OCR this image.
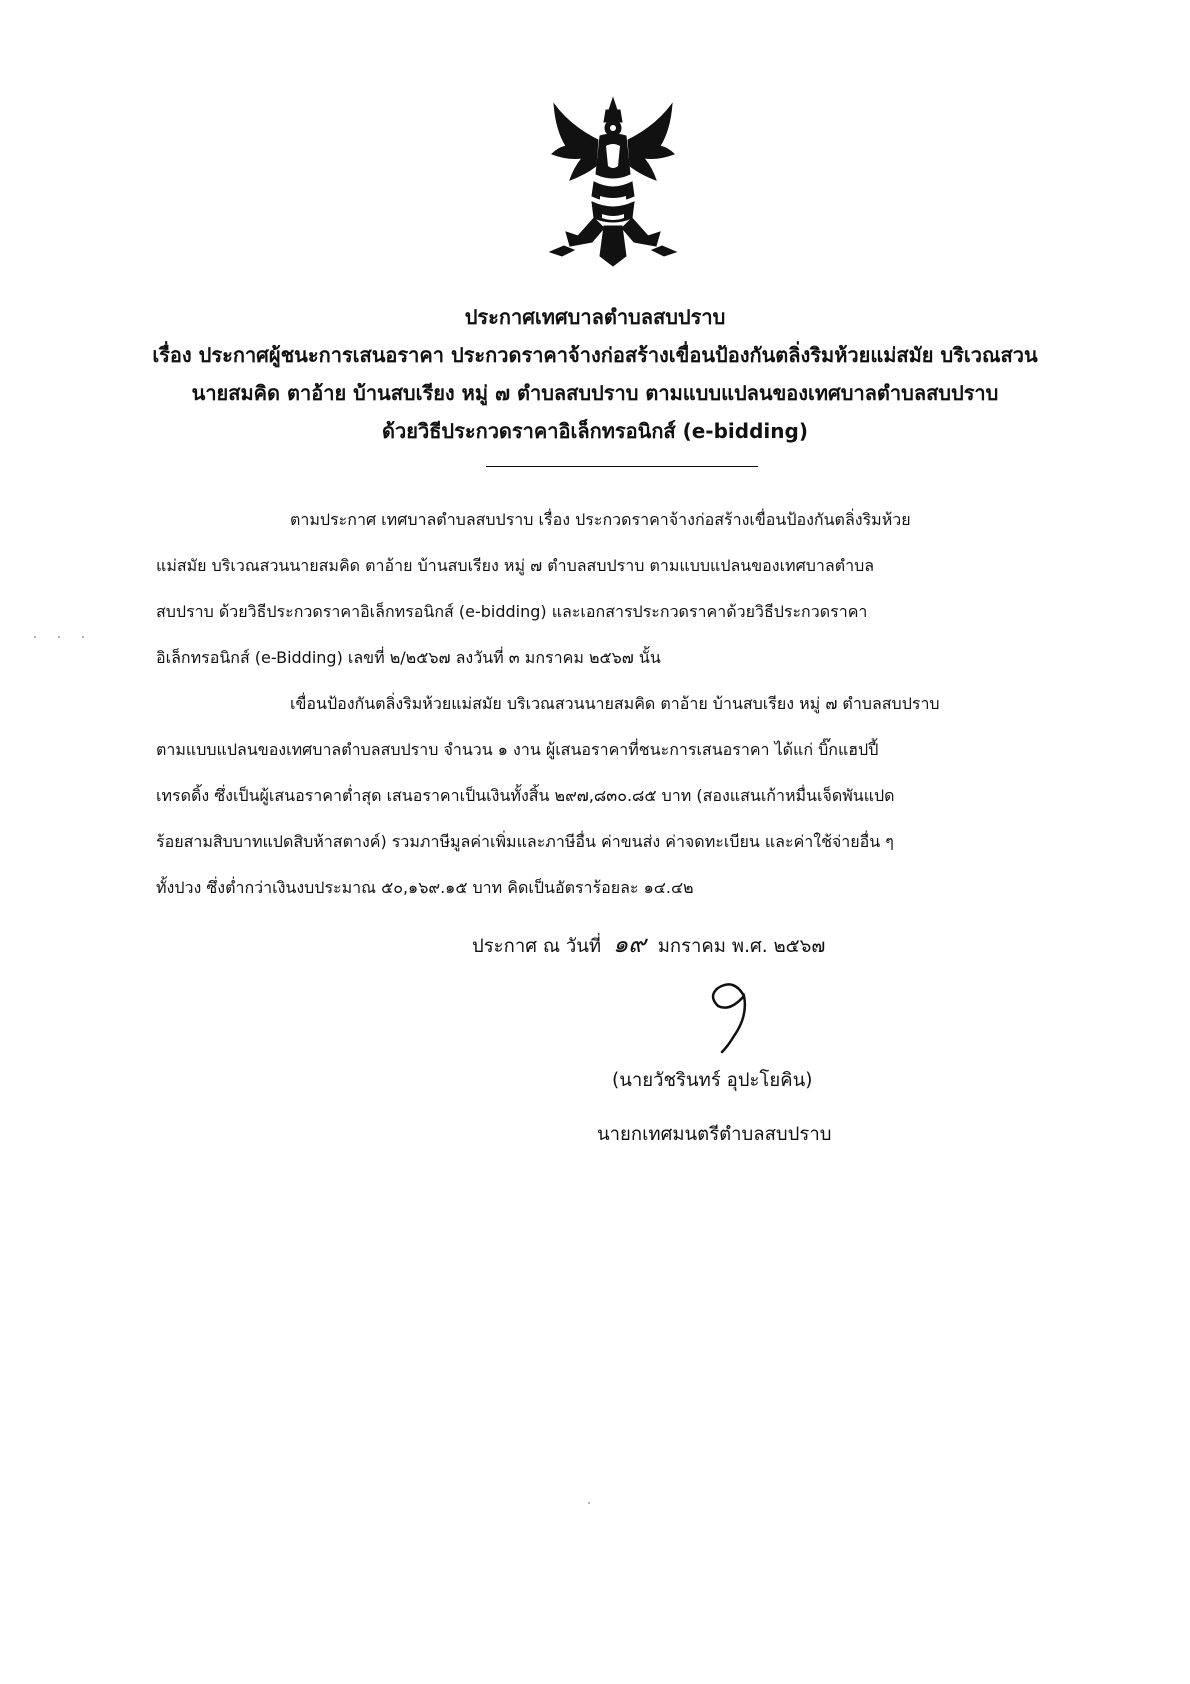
ประกาศเทศบาลตำบลสบปราบ
เรื่อง ประกาศผู้ชนะการเสนอราคา ประกวดราคาจ้างก่อสร้างเขื่อนป้องกันตลิ่งริมห้วยแม่สมัย บริเวณสวน
นายสมคิด ตาอ้าย บ้านสบเรียง หมู่ ๗ ตำบลสบปราบ ตามแบบแปลนของเทศบาลตำบลสบปราบ
ด้วยวิธีประกวดราคาอิเล็กทรอนิกส์ (e-bidding)
ตามประกาศ เทศบาลตำบลสบปราบ เรื่อง ประกวดราคาจ้างก่อสร้างเขื่อนป้องกันตลิ่งริมห้วย
แม่สมัย บริเวณสวนนายสมคิด ตาอ้าย บ้านสบเรียง หมู่ ๗ ตำบลสบปราบ ตามแบบแปลนของเทศบาลตำบล
สบปราบ ด้วยวิธีประกวดราคาอิเล็กทรอนิกส์ (e-bidding) และเอกสารประกวดราคาด้วยวิธีประกวดราคา
อิเล็กทรอนิกส์ (e-Bidding) เลขที่ ๒/๒๕๖๗ ลงวันที่ ๓ มกราคม ๒๕๖๗ นั้น
เขื่อนป้องกันตลิ่งริมห้วยแม่สมัย บริเวณสวนนายสมคิด ตาอ้าย บ้านสบเรียง หมู่ ๗ ตำบลสบปราบ
ตามแบบแปลนของเทศบาลตำบลสบปราบ จำนวน ๑ งาน ผู้เสนอราคาที่ชนะการเสนอราคา ได้แก่ บิ๊กแฮปปี้
เทรดดิ้ง ซึ่งเป็นผู้เสนอราคาต่ำสุด เสนอราคาเป็นเงินทั้งสิ้น ๒๙๗,๘๓๐.๘๕ บาท (สองแสนเก้าหมื่นเจ็ดพันแปด
ร้อยสามสิบบาทแปดสิบห้าสตางค์) รวมภาษีมูลค่าเพิ่มและภาษีอื่น ค่าขนส่ง ค่าจดทะเบียน และค่าใช้จ่ายอื่น ๆ
ทั้งปวง ซึ่งต่ำกว่าเงินงบประมาณ ๕๐,๑๖๙.๑๕ บาท คิดเป็นอัตราร้อยละ ๑๔.๔๒
ประกาศ ณ วันที่ ๑๙ มกราคม พ.ศ. ๒๕๖๗
(นายวัชรินทร์ อุปะโยคิน)
นายกเทศมนตรีตำบลสบปราบ
